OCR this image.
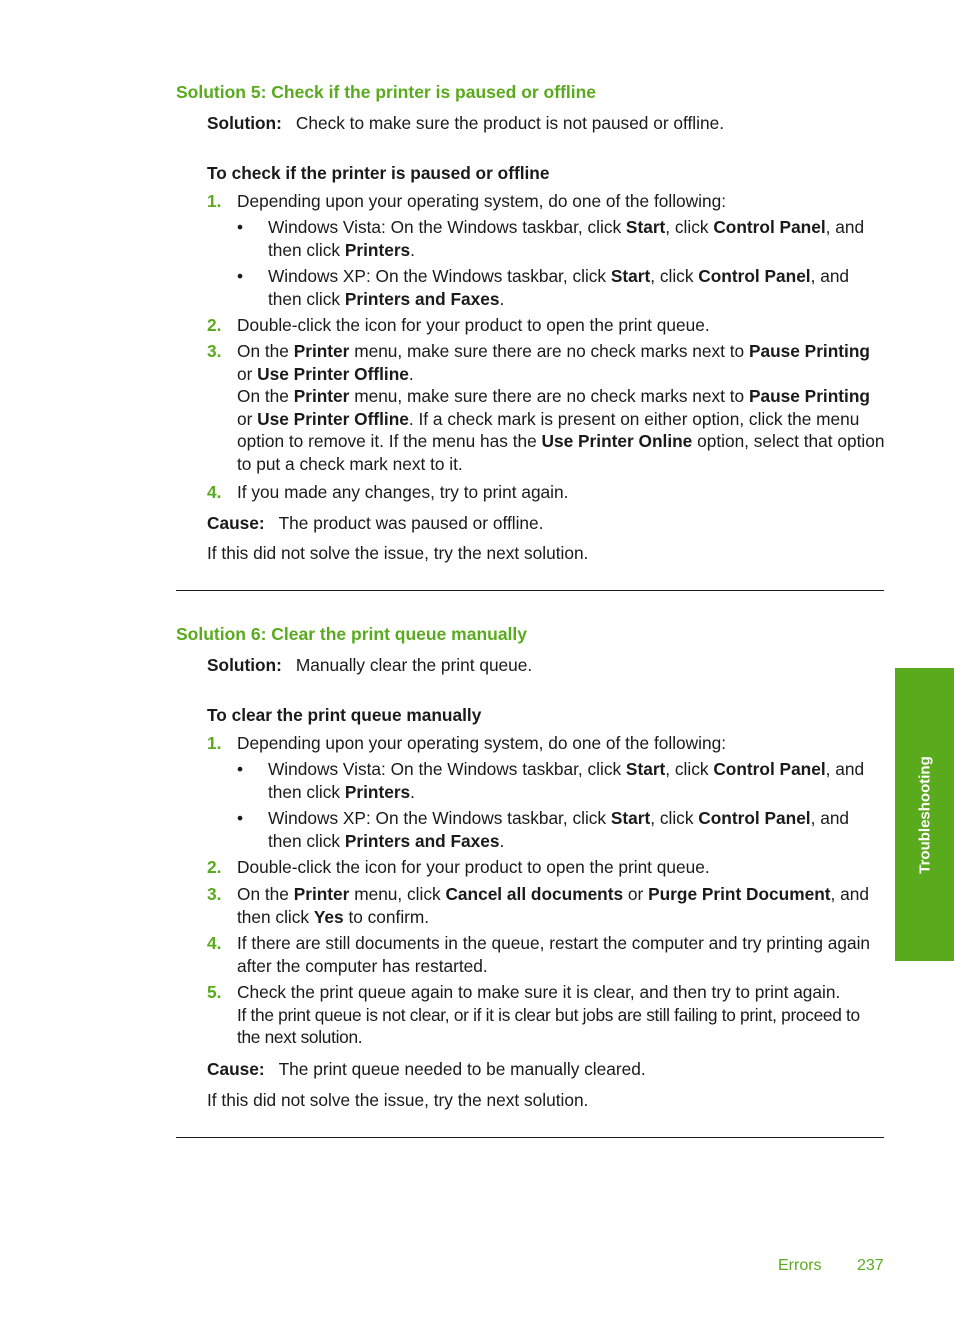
Solution 5: Check if the printer is paused or offline
Solution: Check to make sure the product is not paused or offline.
To check if the printer is paused or offline
1. Depending upon your operating system, do one of the following:
• Windows Vista: On the Windows taskbar, click Start, click Control Panel, and then click Printers.
• Windows XP: On the Windows taskbar, click Start, click Control Panel, and then click Printers and Faxes.
2. Double-click the icon for your product to open the print queue.
3. On the Printer menu, make sure there are no check marks next to Pause Printing or Use Printer Offline.
On the Printer menu, make sure there are no check marks next to Pause Printing or Use Printer Offline. If a check mark is present on either option, click the menu option to remove it. If the menu has the Use Printer Online option, select that option to put a check mark next to it.
4. If you made any changes, try to print again.
Cause: The product was paused or offline.
If this did not solve the issue, try the next solution.
Solution 6: Clear the print queue manually
Solution: Manually clear the print queue.
To clear the print queue manually
1. Depending upon your operating system, do one of the following:
• Windows Vista: On the Windows taskbar, click Start, click Control Panel, and then click Printers.
• Windows XP: On the Windows taskbar, click Start, click Control Panel, and then click Printers and Faxes.
2. Double-click the icon for your product to open the print queue.
3. On the Printer menu, click Cancel all documents or Purge Print Document, and then click Yes to confirm.
4. If there are still documents in the queue, restart the computer and try printing again after the computer has restarted.
5. Check the print queue again to make sure it is clear, and then try to print again.
If the print queue is not clear, or if it is clear but jobs are still failing to print, proceed to the next solution.
Cause: The print queue needed to be manually cleared.
If this did not solve the issue, try the next solution.
Troubleshooting
Errors 237
